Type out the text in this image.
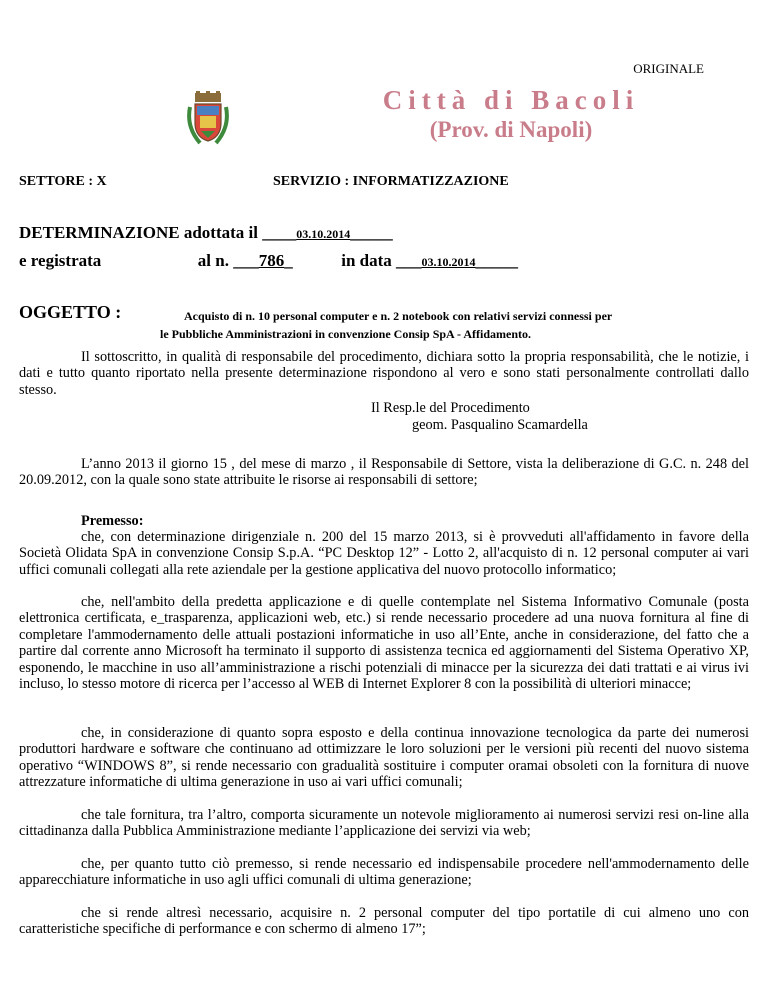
ORIGINALE
Città di Bacoli
(Prov. di Napoli)
SETTORE : X	SERVIZIO : INFORMATIZZAZIONE
DETERMINAZIONE adottata il ____03.10.2014_____
e registrata	al n. ___786_	in data ___03.10.2014_____
OGGETTO :	Acquisto di n. 10 personal computer e n. 2 notebook con relativi servizi connessi per
le Pubbliche Amministrazioni in convenzione Consip SpA - Affidamento.
Il sottoscritto, in qualità di responsabile del procedimento, dichiara sotto la propria responsabilità, che le notizie, i dati e tutto quanto riportato nella presente determinazione rispondono al vero e sono stati personalmente controllati dallo stesso.
Il Resp.le del Procedimento
geom. Pasqualino Scamardella
L’anno 2013 il giorno 15 , del mese di marzo , il Responsabile di Settore, vista la deliberazione di G.C. n. 248 del 20.09.2012, con la quale sono state attribuite le risorse ai responsabili di settore;
Premesso:
che, con determinazione dirigenziale n. 200 del 15 marzo 2013, si è provveduti all'affidamento in favore della Società Olidata SpA in convenzione Consip S.p.A. “PC Desktop 12” - Lotto 2, all'acquisto di n. 12 personal computer ai vari uffici comunali collegati alla rete aziendale per la gestione applicativa del nuovo protocollo informatico;
che, nell'ambito della predetta applicazione e di quelle contemplate nel Sistema Informativo Comunale (posta elettronica certificata, e_trasparenza, applicazioni web, etc.) si rende necessario procedere ad una nuova fornitura al fine di completare l'ammodernamento delle attuali postazioni informatiche in uso all’Ente, anche in considerazione, del fatto che a partire dal corrente anno Microsoft ha terminato il supporto di assistenza tecnica ed aggiornamenti del Sistema Operativo XP, esponendo, le macchine in uso all’amministrazione a rischi potenziali di minacce per la sicurezza dei dati trattati e ai virus ivi incluso, lo stesso motore di ricerca per l’accesso al WEB di Internet Explorer 8 con la possibilità di ulteriori minacce;
che, in considerazione di quanto sopra esposto e della continua innovazione tecnologica da parte dei numerosi produttori hardware e software che continuano ad ottimizzare le loro soluzioni per le versioni più recenti del nuovo sistema operativo “WINDOWS 8”, si rende necessario con gradualità sostituire i computer oramai obsoleti con la fornitura di nuove attrezzature informatiche di ultima generazione in uso ai vari uffici comunali;
che tale fornitura, tra l’altro, comporta sicuramente un notevole miglioramento ai numerosi servizi resi on-line alla cittadinanza dalla Pubblica Amministrazione mediante l’applicazione dei servizi via web;
che, per quanto tutto ciò premesso, si rende necessario ed indispensabile procedere nell'ammodernamento delle apparecchiature informatiche in uso agli uffici comunali di ultima generazione;
che si rende altresì necessario, acquisire n. 2 personal computer del tipo portatile di cui almeno uno con caratteristiche specifiche di performance e con schermo di almeno 17”;
